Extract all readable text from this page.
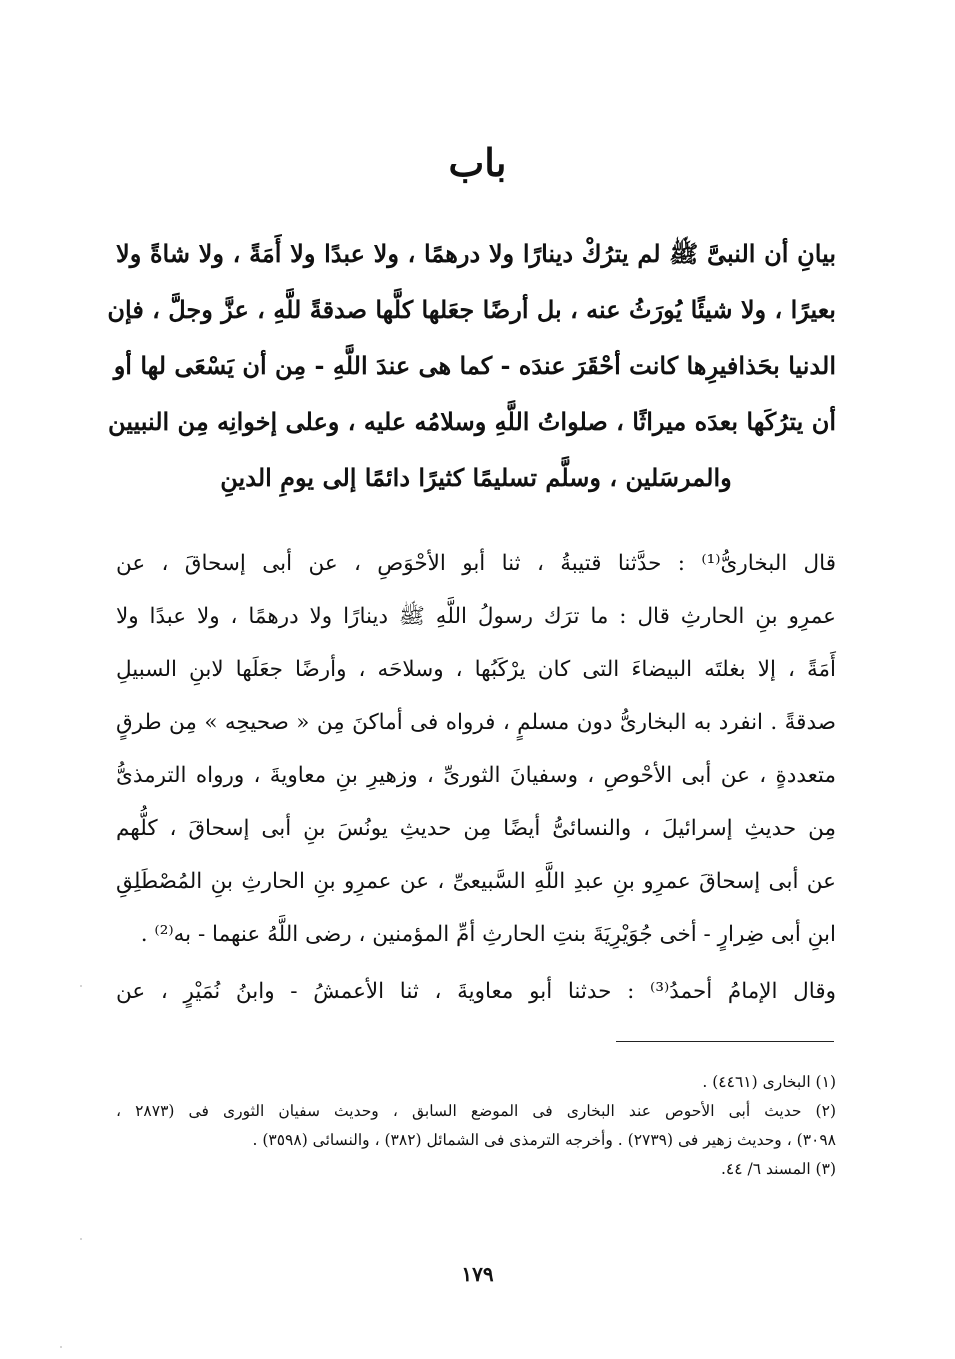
باب
بيانِ أن النبىَّ ﷺ لم يترُكْ دينارًا ولا درهمًا ، ولا عبدًا ولا أَمَةً ، ولا شاةً ولا
بعيرًا ، ولا شيئًا يُورَثُ عنه ، بل أرضًا جعَلها كلَّها صدقةً للَّهِ ، عزَّ وجلَّ ، فإن
الدنيا بحَذافيرِها كانت أحْقَرَ عندَه - كما هى عندَ اللَّهِ - مِن أن يَسْعَى لها أو
أن يترُكَها بعدَه ميراثًا ، صلواتُ اللَّهِ وسلامُه عليه ، وعلى إخوانِه مِن النبيين
والمرسَلين ، وسلَّم تسليمًا كثيرًا دائمًا إلى يومِ الدينِ
قال البخارىُّ⁽¹⁾ : حدَّثنا قتيبةُ ، ثنا أبو الأحْوَصِ ، عن أبى إسحاقَ ، عن
عمرِو بنِ الحارثِ قال : ما ترَك رسولُ اللَّهِ ﷺ دينارًا ولا درهمًا ، ولا عبدًا ولا
أَمَةً ، إلا بغلتَه البيضاءَ التى كان يرْكَبُها ، وسلاحَه ، وأرضًا جعَلَها لابنِ السبيلِ
صدقةً . انفرد به البخارىُّ دون مسلمٍ ، فرواه فى أماكنَ مِن « صحيحِه » مِن طرقٍ
متعددةٍ ، عن أبى الأحْوصِ ، وسفيانَ الثورىِّ ، وزهيرِ بنِ معاويةَ ، ورواه الترمذىُّ
مِن حديثِ إسرائيلَ ، والنسائىُّ أيضًا مِن حديثِ يونُسَ بنِ أبى إسحاقَ ، كلُّهم
عن أبى إسحاقَ عمرِو بنِ عبدِ اللَّهِ السَّبيعىِّ ، عن عمرِو بنِ الحارثِ بنِ المُصْطَلِقِ
ابنِ أبى ضِرارٍ - أخى جُوَيْرِيَةَ بنتِ الحارثِ أمِّ المؤمنين ، رضى اللَّهُ عنهما - به⁽²⁾ .
وقال الإمامُ أحمدُ⁽³⁾ : حدثنا أبو معاويةَ ، ثنا الأعمشُ - وابنُ نُمَيْرٍ ، عن
(١) البخارى (٤٤٦١) .
(٢) حديث أبى الأحوص عند البخارى فى الموضع السابق ، وحديث سفيان الثورى فى (٢٨٧٣ ،
٣٠٩٨) ، وحديث زهير فى (٢٧٣٩) . وأخرجه الترمذى فى الشمائل (٣٨٢) ، والنسائى (٣٥٩٨) .
(٣) المسند ٦/ ٤٤.
١٧٩
